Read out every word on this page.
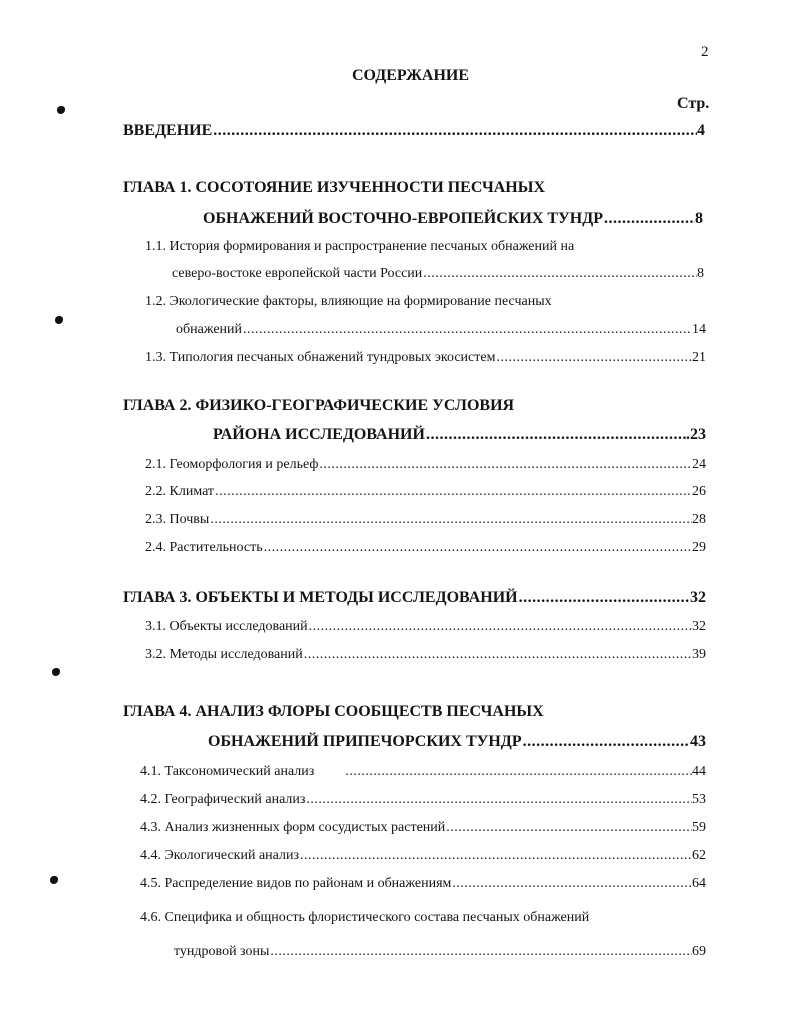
2
СОДЕРЖАНИЕ
Стр.
ВВЕДЕНИЕ .....	4
ГЛАВА 1. СОСОТОЯНИЕ ИЗУЧЕННОСТИ ПЕСЧАНЫХ
ОБНАЖЕНИЙ ВОСТОЧНО-ЕВРОПЕЙСКИХ ТУНДР .....	8
1.1. История формирования и распространение песчаных обнажений на
северо-востоке европейской части России .....	8
1.2. Экологические факторы, влияющие на формирование песчаных
обнажений .....	14
1.3. Типология песчаных обнажений тундровых экосистем .....	21
ГЛАВА 2. ФИЗИКО-ГЕОГРАФИЧЕСКИЕ УСЛОВИЯ
РАЙОНА ИССЛЕДОВАНИЙ .....	.23
2.1. Геоморфология и рельеф .....	24
2.2. Климат .....	26
2.3. Почвы .....	28
2.4. Растительность .....	29
ГЛАВА 3. ОБЪЕКТЫ И МЕТОДЫ ИССЛЕДОВАНИЙ .....	32
3.1. Объекты исследований .....	32
3.2. Методы исследований .....	39
ГЛАВА 4. АНАЛИЗ ФЛОРЫ СООБЩЕСТВ ПЕСЧАНЫХ
ОБНАЖЕНИЙ ПРИПЕЧОРСКИХ ТУНДР .....	43
4.1. Таксономический анализ .....	44
4.2. Географический анализ .....	53
4.3. Анализ жизненных форм сосудистых растений .....	59
4.4. Экологический анализ .....	62
4.5. Распределение видов по районам и обнажениям .....	64
4.6. Специфика и общность флористического состава песчаных обнажений
тундровой зоны .....	69
